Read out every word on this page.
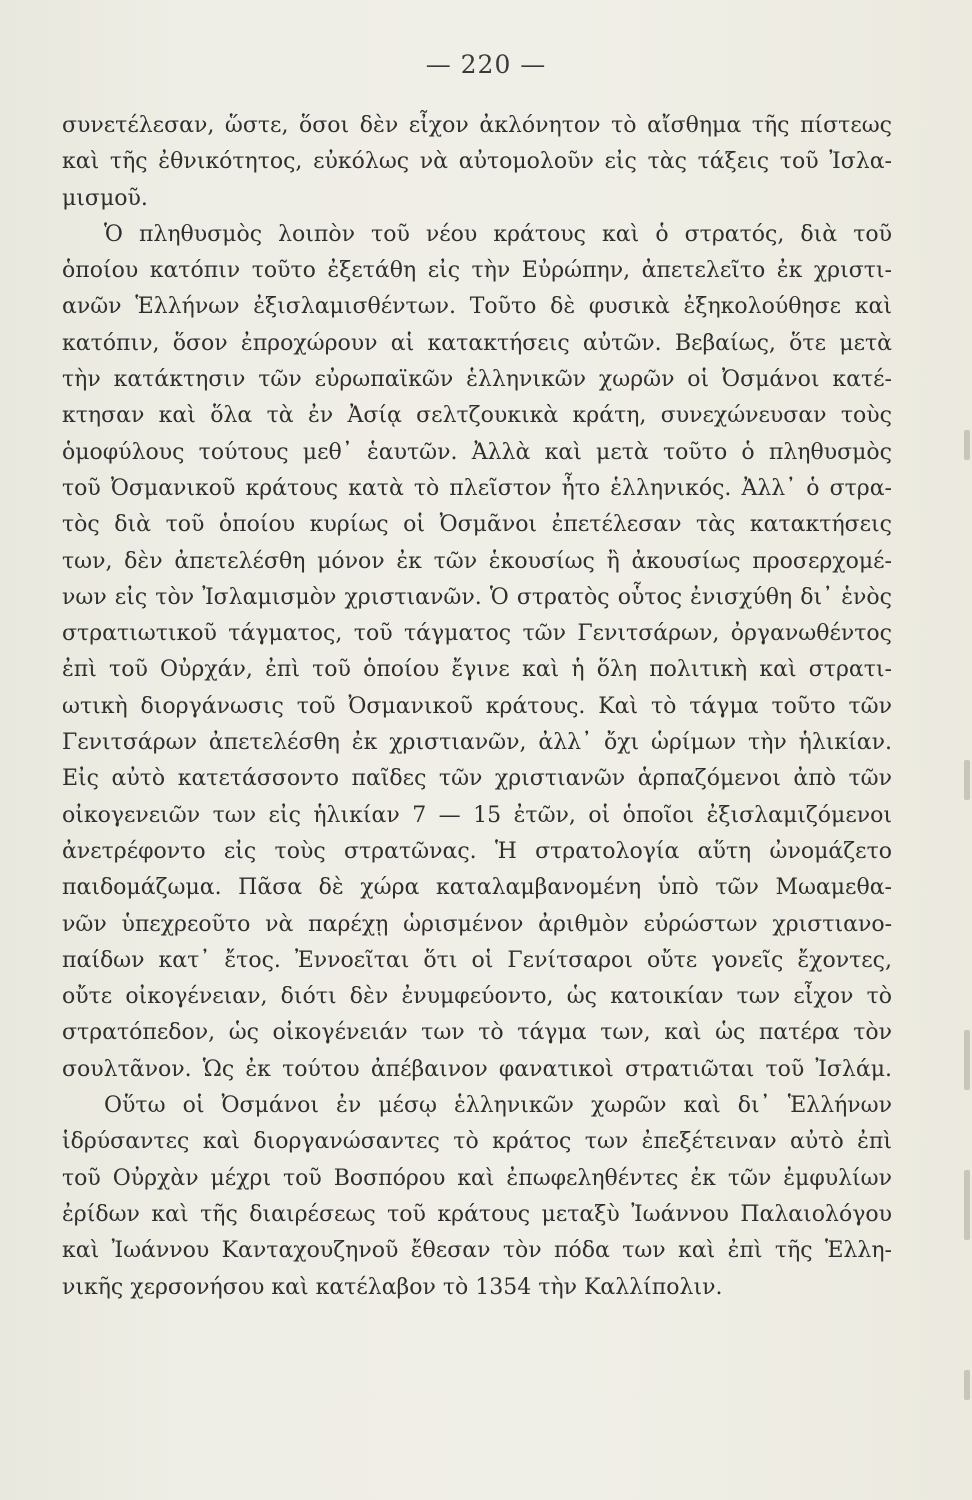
— 220 —
συνετέλεσαν, ὥστε, ὅσοι δὲν εἶχον ἀκλόνητον τὸ αἴσθημα τῆς πίστεως
καὶ τῆς ἐθνικότητος, εὐκόλως νὰ αὐτομολοῦν εἰς τὰς τάξεις τοῦ Ἰσλα-
μισμοῦ.
Ὁ πληθυσμὸς λοιπὸν τοῦ νέου κράτους καὶ ὁ στρατός, διὰ τοῦ
ὁποίου κατόπιν τοῦτο ἐξετάθη εἰς τὴν Εὐρώπην, ἀπετελεῖτο ἐκ χριστι-
ανῶν Ἑλλήνων ἐξισλαμισθέντων. Τοῦτο δὲ φυσικὰ ἐξηκολούθησε καὶ
κατόπιν, ὅσον ἐπροχώρουν αἱ κατακτήσεις αὐτῶν. Βεβαίως, ὅτε μετὰ
τὴν κατάκτησιν τῶν εὐρωπαϊκῶν ἑλληνικῶν χωρῶν οἱ Ὀσμάνοι κατέ-
κτησαν καὶ ὅλα τὰ ἐν Ἀσίᾳ σελτζουκικὰ κράτη, συνεχώνευσαν τοὺς
ὁμοφύλους τούτους μεθ᾽ ἑαυτῶν. Ἀλλὰ καὶ μετὰ τοῦτο ὁ πληθυσμὸς
τοῦ Ὀσμανικοῦ κράτους κατὰ τὸ πλεῖστον ἦτο ἑλληνικός. Ἀλλ᾽ ὁ στρα-
τὸς διὰ τοῦ ὁποίου κυρίως οἱ Ὀσμᾶνοι ἐπετέλεσαν τὰς κατακτήσεις
των, δὲν ἀπετελέσθη μόνον ἐκ τῶν ἑκουσίως ἢ ἀκουσίως προσερχομέ-
νων εἰς τὸν Ἰσλαμισμὸν χριστιανῶν. Ὁ στρατὸς οὗτος ἐνισχύθη δι᾽ ἑνὸς
στρατιωτικοῦ τάγματος, τοῦ τάγματος τῶν Γενιτσάρων, ὀργανωθέντος
ἐπὶ τοῦ Οὐρχάν, ἐπὶ τοῦ ὁποίου ἔγινε καὶ ἡ ὅλη πολιτικὴ καὶ στρατι-
ωτικὴ διοργάνωσις τοῦ Ὀσμανικοῦ κράτους. Καὶ τὸ τάγμα τοῦτο τῶν
Γενιτσάρων ἀπετελέσθη ἐκ χριστιανῶν, ἀλλ᾽ ὄχι ὡρίμων τὴν ἡλικίαν.
Εἰς αὐτὸ κατετάσσοντο παῖδες τῶν χριστιανῶν ἁρπαζόμενοι ἀπὸ τῶν
οἰκογενειῶν των εἰς ἡλικίαν 7 — 15 ἐτῶν, οἱ ὁποῖοι ἐξισλαμιζόμενοι
ἀνετρέφοντο εἰς τοὺς στρατῶνας. Ἡ στρατολογία αὕτη ὠνομάζετο
παιδομάζωμα. Πᾶσα δὲ χώρα καταλαμβανομένη ὑπὸ τῶν Μωαμεθα-
νῶν ὑπεχρεοῦτο νὰ παρέχῃ ὡρισμένον ἀριθμὸν εὐρώστων χριστιανο-
παίδων κατ᾽ ἔτος. Ἐννοεῖται ὅτι οἱ Γενίτσαροι οὔτε γονεῖς ἔχοντες,
οὔτε οἰκογένειαν, διότι δὲν ἐνυμφεύοντο, ὡς κατοικίαν των εἶχον τὸ
στρατόπεδον, ὡς οἰκογένειάν των τὸ τάγμα των, καὶ ὡς πατέρα τὸν
σουλτᾶνον. Ὡς ἐκ τούτου ἀπέβαινον φανατικοὶ στρατιῶται τοῦ Ἰσλάμ.
Οὕτω οἱ Ὀσμάνοι ἐν μέσῳ ἑλληνικῶν χωρῶν καὶ δι᾽ Ἑλλήνων
ἱδρύσαντες καὶ διοργανώσαντες τὸ κράτος των ἐπεξέτειναν αὐτὸ ἐπὶ
τοῦ Οὐρχὰν μέχρι τοῦ Βοσπόρου καὶ ἐπωφεληθέντες ἐκ τῶν ἐμφυλίων
ἐρίδων καὶ τῆς διαιρέσεως τοῦ κράτους μεταξὺ Ἰωάννου Παλαιολόγου
καὶ Ἰωάννου Κανταχουζηνοῦ ἔθεσαν τὸν πόδα των καὶ ἐπὶ τῆς Ἑλλη-
νικῆς χερσονήσου καὶ κατέλαβον τὸ 1354 τὴν Καλλίπολιν.
